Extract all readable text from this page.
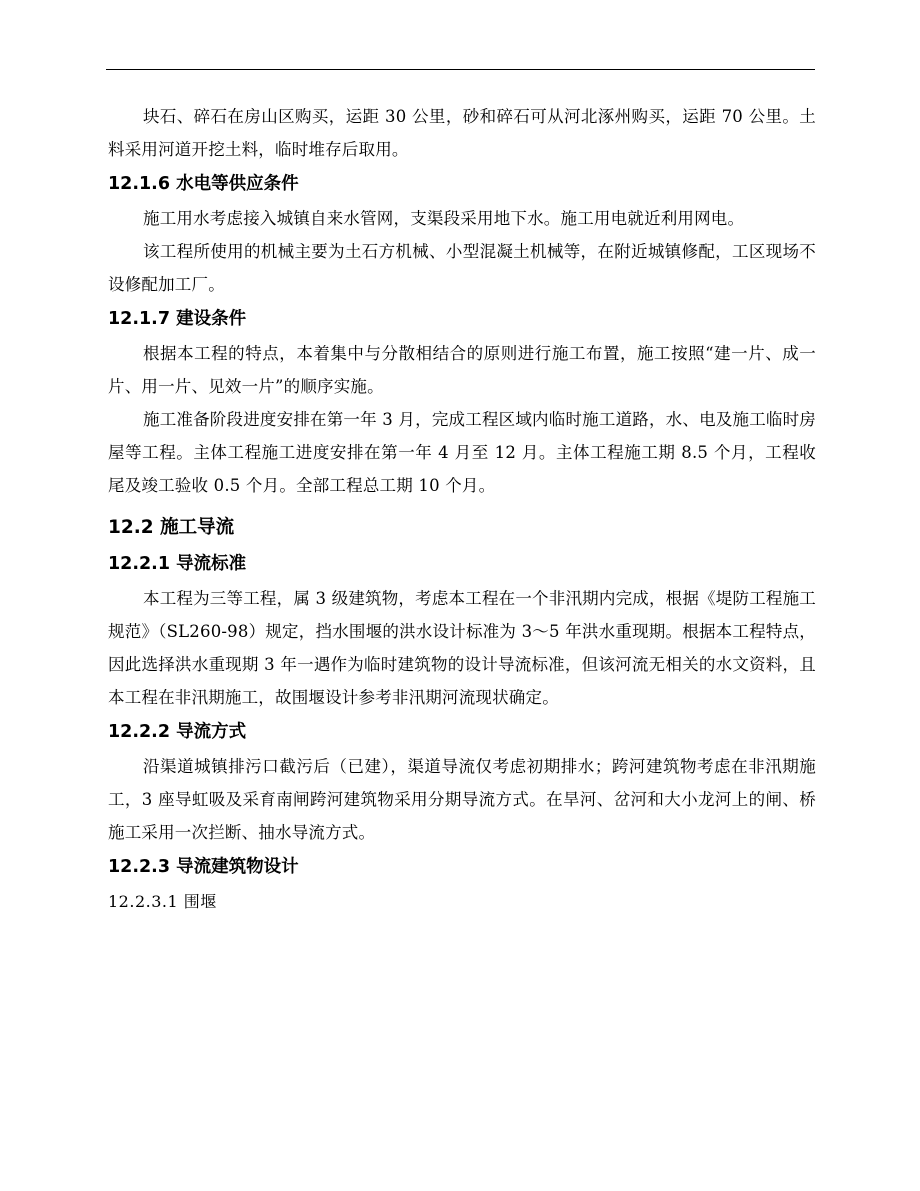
块石、碎石在房山区购买，运距 30 公里，砂和碎石可从河北涿州购买，运距 70 公里。土料采用河道开挖土料，临时堆存后取用。

12.1.6 水电等供应条件

施工用水考虑接入城镇自来水管网，支渠段采用地下水。施工用电就近利用网电。

该工程所使用的机械主要为土石方机械、小型混凝土机械等，在附近城镇修配，工区现场不设修配加工厂。

12.1.7 建设条件

根据本工程的特点，本着集中与分散相结合的原则进行施工布置，施工按照“建一片、成一片、用一片、见效一片”的顺序实施。

施工准备阶段进度安排在第一年 3 月，完成工程区域内临时施工道路，水、电及施工临时房屋等工程。主体工程施工进度安排在第一年 4 月至 12 月。主体工程施工期 8.5 个月，工程收尾及竣工验收 0.5 个月。全部工程总工期 10 个月。

12.2 施工导流
12.2.1 导流标准

本工程为三等工程，属 3 级建筑物，考虑本工程在一个非汛期内完成，根据《堤防工程施工规范》（SL260-98）规定，挡水围堰的洪水设计标准为 3～5 年洪水重现期。根据本工程特点，因此选择洪水重现期 3 年一遇作为临时建筑物的设计导流标准，但该河流无相关的水文资料，且本工程在非汛期施工，故围堰设计参考非汛期河流现状确定。

12.2.2 导流方式

沿渠道城镇排污口截污后（已建），渠道导流仅考虑初期排水；跨河建筑物考虑在非汛期施工，3 座导虹吸及采育南闸跨河建筑物采用分期导流方式。在旱河、岔河和大小龙河上的闸、桥施工采用一次拦断、抽水导流方式。

12.2.3 导流建筑物设计

12.2.3.1 围堰
